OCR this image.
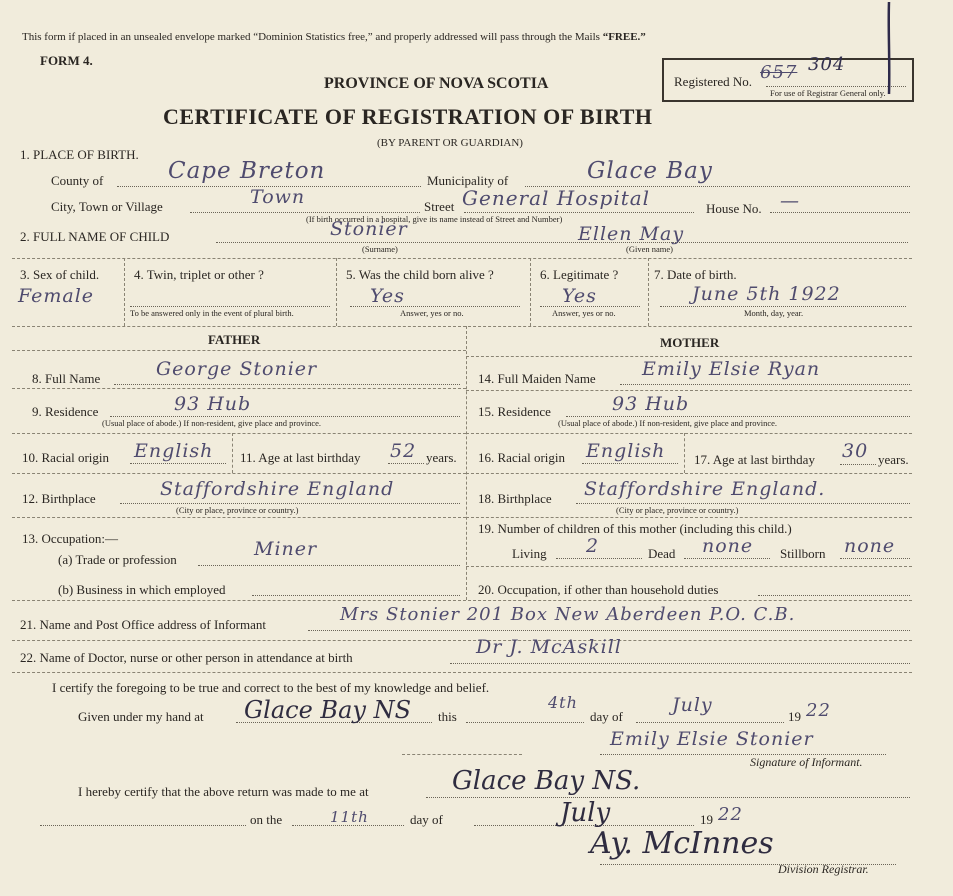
This form if placed in an unsealed envelope marked “Dominion Statistics free,” and properly addressed will pass through the Mails “FREE.”
FORM 4.
Registered No. 657 304
For use of Registrar General only.
PROVINCE OF NOVA SCOTIA
CERTIFICATE OF REGISTRATION OF BIRTH
(BY PARENT OR GUARDIAN)
1. PLACE OF BIRTH.
County of	Cape Breton	Municipality of	Glace Bay
City, Town or Village	Town	Street General Hospital	House No. —
(If birth occurred in a hospital, give its name instead of Street and Number)
2. FULL NAME OF CHILD	Stonier	Ellen May
(Surname)	(Given name)
3. Sex of child.
Female
4. Twin, triplet or other ?
To be answered only in the event of plural birth.
5. Was the child born alive ?
Yes
Answer, yes or no.
6. Legitimate ?
Yes
Answer, yes or no.
7. Date of birth.
June 5th 1922
Month, day, year.
FATHER	MOTHER
8. Full Name	George Stonier
9. Residence	93 Hub
(Usual place of abode.) If non-resident, give place and province.
10. Racial origin English 11. Age at last birthday 52 years.
12. Birthplace	Staffordshire England
(City or place, province or country.)
13. Occupation:—
(a) Trade or profession	Miner
(b) Business in which employed
14. Full Maiden Name Emily Elsie Ryan
15. Residence	93 Hub
(Usual place of abode.) If non-resident, give place and province.
16. Racial origin English 17. Age at last birthday 30 years.
18. Birthplace Staffordshire England.
(City or place, province or country.)
19. Number of children of this mother (including this child.)
Living 2	Dead none Stillborn none
20. Occupation, if other than household duties
21. Name and Post Office address of Informant	Mrs Stonier 201 Box New Aberdeen P.O. C.B.
22. Name of Doctor, nurse or other person in attendance at birth	Dr J. McAskill
I certify the foregoing to be true and correct to the best of my knowledge and belief.
Given under my hand at Glace Bay NS this
4th
day of
July
19 22
Emily Elsie Stonier
Signature of Informant.
I hereby certify that the above return was made to me at	Glace Bay NS.
on the	11th	day of	July	19 22
Ay. McInnes
Division Registrar.
